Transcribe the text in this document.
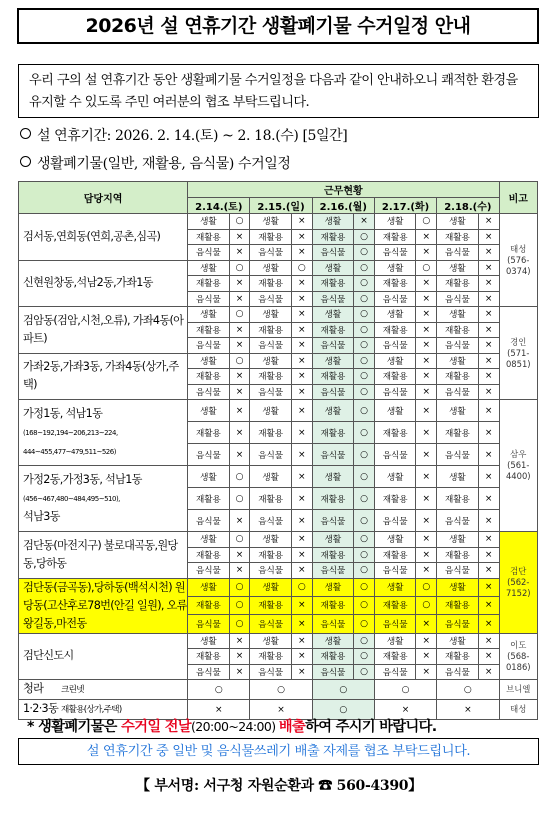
2026년 설 연휴기간 생활폐기물 수거일정 안내
우리 구의 설 연휴기간 동안 생활폐기물 수거일정을 다음과 같이 안내하오니 쾌적한 환경을 유지할 수 있도록 주민 여러분의 협조 부탁드립니다.
설 연휴기간: 2026. 2. 14.(토) ~ 2. 18.(수) [5일간]
생활폐기물(일반, 재활용, 음식물) 수거일정
담당지역	근무현황										비고
	2.14.(토)		2.15.(일)		2.16.(월)		2.17.(화)		2.18.(수)		
검서동,연희동(연희,공촌,심곡)	생활	○	생활	×	생활	×	생활	○	생활	×	태성 (576-0374)
	재활용	×	재활용	×	재활용	○	재활용	×	재활용	×	
	음식물	×	음식물	×	음식물	○	음식물	×	음식물	×	
신현원창동,석남2동,가좌1동	생활	○	생활	○	생활	○	생활	○	생활	×	
	재활용	×	재활용	×	재활용	○	재활용	×	재활용	×	
	음식물	×	음식물	×	음식물	○	음식물	×	음식물	×	
검암동(검암,시천,오류), 가좌4동(아파트)	생활	○	생활	×	생활	○	생활	×	생활	×	경인 (571-0851)
	재활용	×	재활용	×	재활용	○	재활용	×	재활용	×	
	음식물	×	음식물	×	음식물	○	음식물	×	음식물	×	
가좌2동,가좌3동, 가좌4동(상가,주택)	생활	○	생활	×	생활	○	생활	×	생활	×	
	재활용	×	재활용	×	재활용	○	재활용	×	재활용	×	
	음식물	×	음식물	×	음식물	○	음식물	×	음식물	×	
가정1동, 석남1동(168~192,194~206,213~224, 444~455,477~479,511~526)	생활	×	생활	×	생활	○	생활	×	생활	×	삼우 (561-4400)
	재활용	×	재활용	×	재활용	○	재활용	×	재활용	×	
	음식물	×	음식물	×	음식물	○	음식물	×	음식물	×	
가정2동,가정3동, 석남1동(456~467,480~484,495~510),
석남3동	생활	○	생활	×	생활	○	생활	×	생활	×	
	재활용	○	재활용	×	재활용	○	재활용	×	재활용	×	
	음식물	×	음식물	×	음식물	○	음식물	×	음식물	×	
검단동(마전지구) 불로대곡동,원당동,당하동	생활	○	생활	×	생활	○	생활	×	생활	×	검단 (562-7152)
	재활용	×	재활용	×	재활용	○	재활용	×	재활용	×	
	음식물	×	음식물	×	음식물	○	음식물	×	음식물	×	
검단동(금곡동),당하동(백석시천) 원당동(고산후로78번(안길 일원), 오류왕길동,마전동	생활	○	생활	○	생활	○	생활	○	생활	×	
	재활용	○	재활용	×	재활용	○	재활용	○	재활용	×	
	음식물	○	음식물	×	음식물	○	음식물	×	음식물	×	
검단신도시	생활	×	생활	×	생활	○	생활	×	생활	×	이도 (568-0186)
	재활용	×	재활용	×	재활용	○	재활용	×	재활용	×	
	음식물	×	음식물	×	음식물	○	음식물	×	음식물	×	
청라 크린넷	○		○		○		○		○		브니엘
1·2·3동 재활용(상가,주택)	×		×		○		×		×		태성
* 생활폐기물은 수거일 전날(20:00~24:00) 배출하여 주시기 바랍니다.
설 연휴기간 중 일반 및 음식물쓰레기 배출 자제를 협조 부탁드립니다.
【 부서명: 서구청 자원순환과 ☎ 560-4390】
